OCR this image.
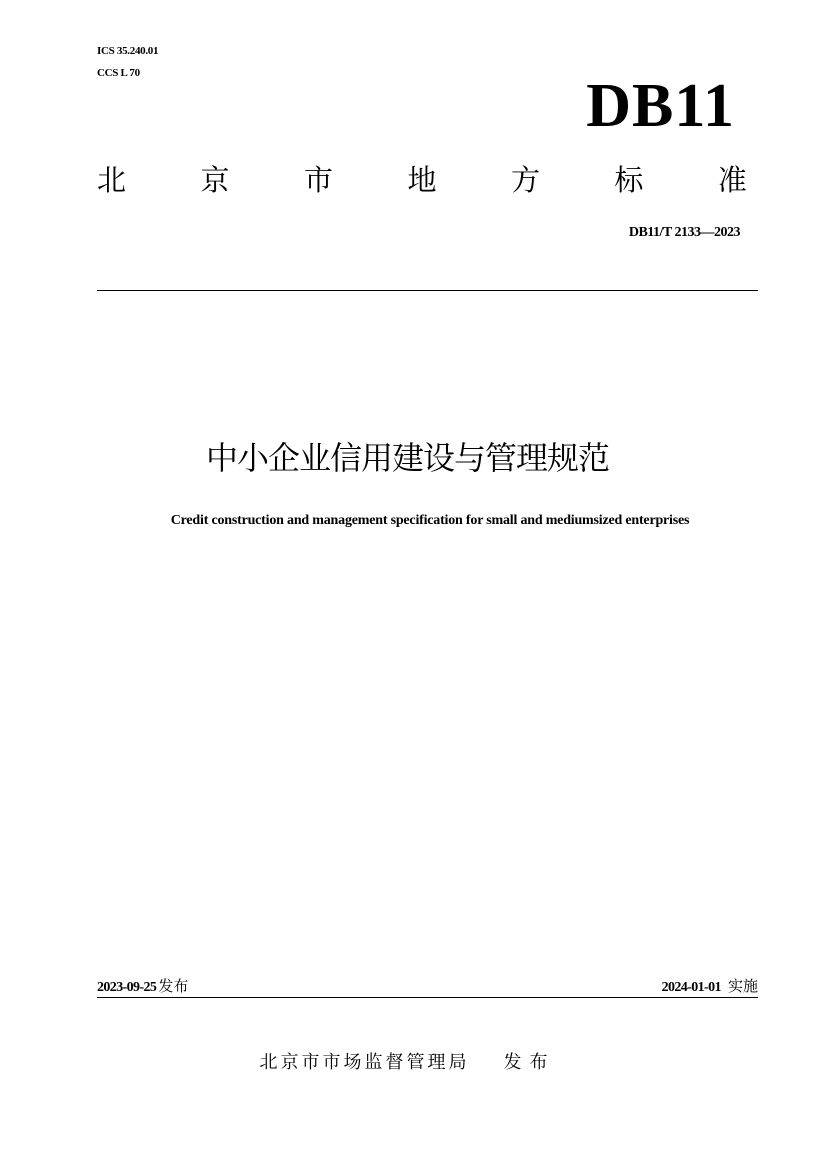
ICS 35.240.01
CCS L 70	DB11
北	京	市	地	方	标	准
DB11/T 2133—2023
中小企业信用建设与管理规范
Credit construction and management specification for small and mediumsized enterprises
2023-09-25 发布	2024-01-01 实施
北京市市场监督管理局 发布
